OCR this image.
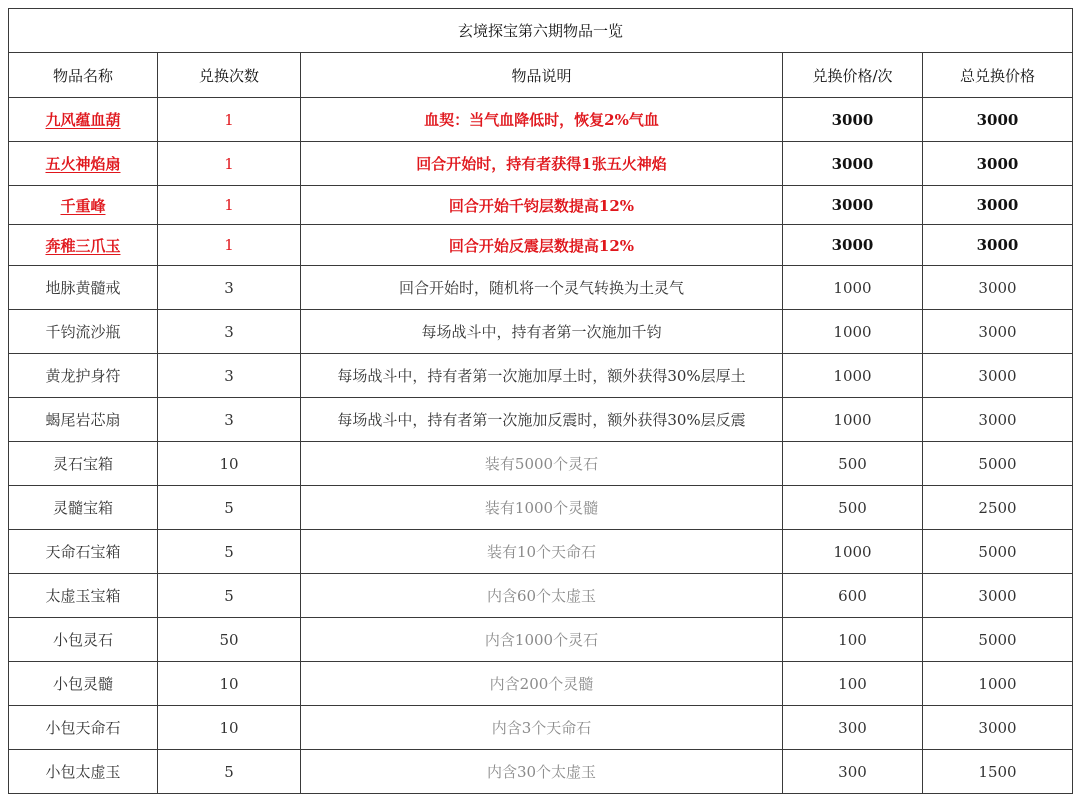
玄境探宝第六期物品一览				
物品名称	兑换次数	物品说明	兑换价格/次	总兑换价格
九风蕴血葫	1	血契：当气血降低时，恢复2%气血	3000	3000
五火神焰扇	1	回合开始时，持有者获得1张五火神焰	3000	3000
千重峰	1	回合开始千钧层数提高12%	3000	3000
奔稚三爪玉	1	回合开始反震层数提高12%	3000	3000
地脉黄髓戒	3	回合开始时，随机将一个灵气转换为土灵气	1000	3000
千钧流沙瓶	3	每场战斗中，持有者第一次施加千钧	1000	3000
黄龙护身符	3	每场战斗中，持有者第一次施加厚土时，额外获得30%层厚土	1000	3000
蝎尾岩芯扇	3	每场战斗中，持有者第一次施加反震时，额外获得30%层反震	1000	3000
灵石宝箱	10	装有5000个灵石	500	5000
灵髓宝箱	5	装有1000个灵髓	500	2500
天命石宝箱	5	装有10个天命石	1000	5000
太虚玉宝箱	5	内含60个太虚玉	600	3000
小包灵石	50	内含1000个灵石	100	5000
小包灵髓	10	内含200个灵髓	100	1000
小包天命石	10	内含3个天命石	300	3000
小包太虚玉	5	内含30个太虚玉	300	1500
